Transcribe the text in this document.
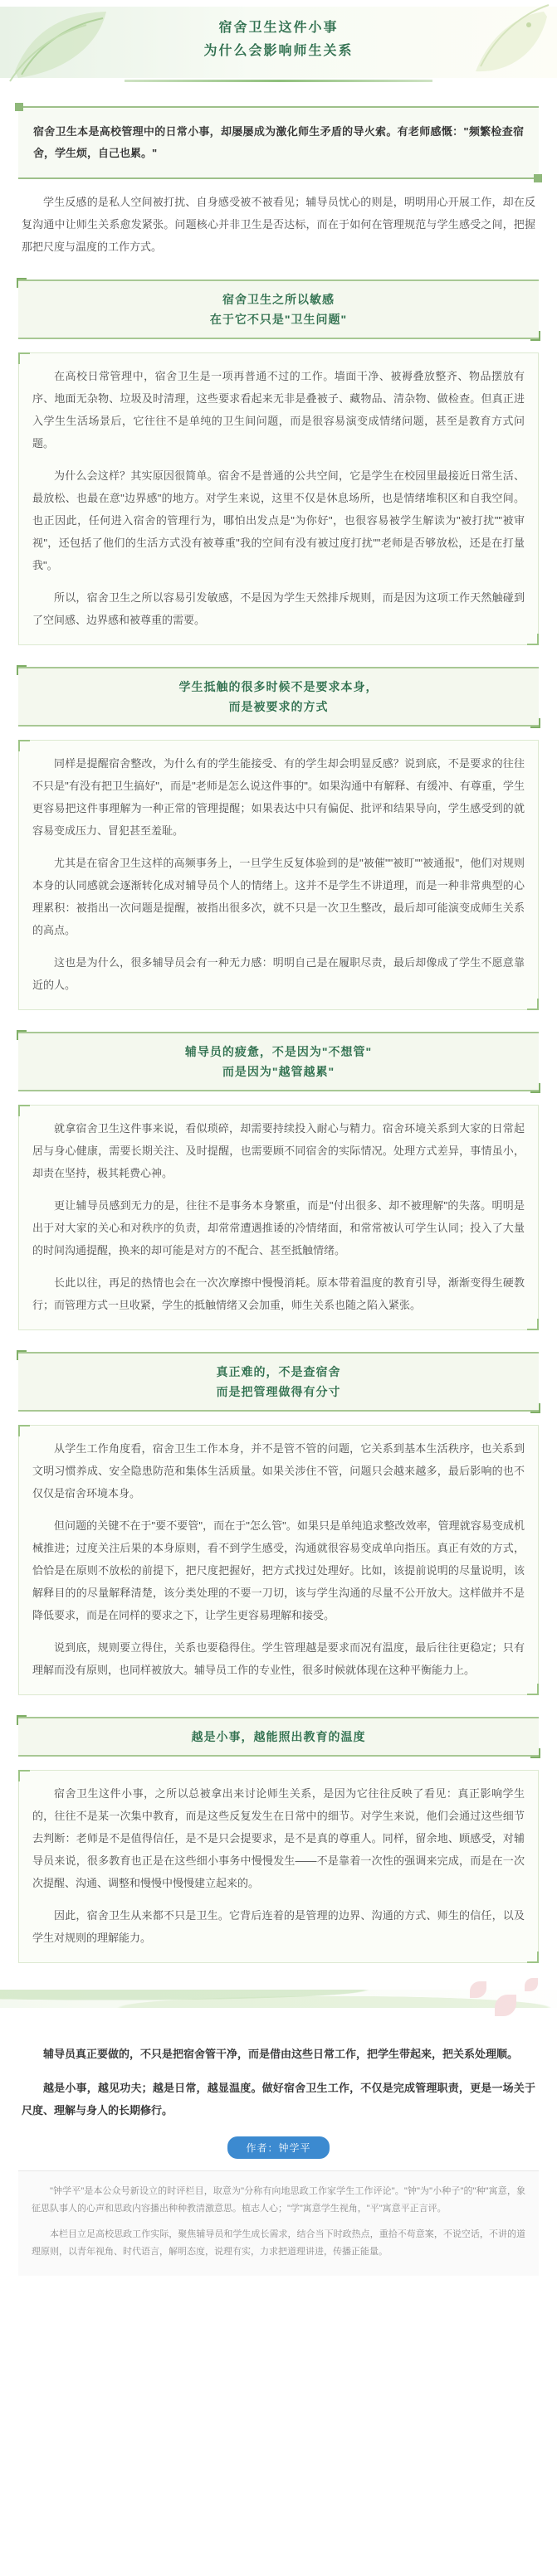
宿舍卫生这件小事
为什么会影响师生关系
宿舍卫生本是高校管理中的日常小事，却屡屡成为激化师生矛盾的导火索。有老师感慨："频繁检查宿舍，学生烦，自己也累。"
学生反感的是私人空间被打扰、自身感受被不被看见；辅导员忧心的则是，明明用心开展工作，却在反复沟通中让师生关系愈发紧张。问题核心并非卫生是否达标，而在于如何在管理规范与学生感受之间，把握那把尺度与温度的工作方式。
宿舍卫生之所以敏感
在于它不只是"卫生问题"

在高校日常管理中，宿舍卫生是一项再普通不过的工作。墙面干净、被褥叠放整齐、物品摆放有序、地面无杂物、垃圾及时清理，这些要求看起来无非是叠被子、藏物品、清杂物、做检查。但真正进入学生生活场景后，它往往不是单纯的卫生间问题，而是很容易演变成情绪问题，甚至是教育方式问题。

为什么会这样？其实原因很简单。宿舍不是普通的公共空间，它是学生在校园里最接近日常生活、最放松、也最在意"边界感"的地方。对学生来说，这里不仅是休息场所，也是情绪堆积区和自我空间。也正因此，任何进入宿舍的管理行为，哪怕出发点是"为你好"，也很容易被学生解读为"被打扰""被审视"，还包括了他们的生活方式没有被尊重"我的空间有没有被过度打扰""老师是否够放松，还是在打量我"。

所以，宿舍卫生之所以容易引发敏感，不是因为学生天然排斥规则，而是因为这项工作天然触碰到了空间感、边界感和被尊重的需要。

学生抵触的很多时候不是要求本身，
而是被要求的方式

同样是提醒宿舍整改，为什么有的学生能接受、有的学生却会明显反感？说到底，不是要求的往往不只是"有没有把卫生搞好"，而是"老师是怎么说这件事的"。如果沟通中有解释、有缓冲、有尊重，学生更容易把这件事理解为一种正常的管理提醒；如果表达中只有偏促、批评和结果导向，学生感受到的就容易变成压力、冒犯甚至羞耻。

尤其是在宿舍卫生这样的高频事务上，一旦学生反复体验到的是"被催""被盯""被通报"，他们对规则本身的认同感就会逐渐转化成对辅导员个人的情绪上。这并不是学生不讲道理，而是一种非常典型的心理累积：被指出一次问题是提醒，被指出很多次，就不只是一次卫生整改，最后却可能演变成师生关系的高点。

这也是为什么，很多辅导员会有一种无力感：明明自己是在履职尽责，最后却像成了学生不愿意靠近的人。

辅导员的疲惫，不是因为"不想管"
而是因为"越管越累"

就拿宿舍卫生这件事来说，看似琐碎，却需要持续投入耐心与精力。宿舍环境关系到大家的日常起居与身心健康，需要长期关注、及时提醒，也需要顾不同宿舍的实际情况。处理方式差异，事情虽小，却责在坚持，极其耗费心神。

更让辅导员感到无力的是，往往不是事务本身繁重，而是"付出很多、却不被理解"的失落。明明是出于对大家的关心和对秩序的负责，却常常遭遇推诿的冷情绪面，和常常被认可学生认同；投入了大量的时间沟通提醒，换来的却可能是对方的不配合、甚至抵触情绪。

长此以往，再足的热情也会在一次次摩擦中慢慢消耗。原本带着温度的教育引导，渐渐变得生硬教行；而管理方式一旦收紧，学生的抵触情绪又会加重，师生关系也随之陷入紧张。

真正难的，不是查宿舍
而是把管理做得有分寸

从学生工作角度看，宿舍卫生工作本身，并不是管不管的问题，它关系到基本生活秩序，也关系到文明习惯养成、安全隐患防范和集体生活质量。如果关涉住不管，问题只会越来越多，最后影响的也不仅仅是宿舍环境本身。

但问题的关键不在于"要不要管"，而在于"怎么管"。如果只是单纯追求整改效率，管理就容易变成机械推进；过度关注后果的本身原则，看不到学生感受，沟通就很容易变成单向指压。真正有效的方式，恰恰是在原则不放松的前提下，把尺度把握好，把方式找过处理好。比如，该提前说明的尽量说明，该解释目的的尽量解释清楚，该分类处理的不要一刀切，该与学生沟通的尽量不公开放大。这样做并不是降低要求，而是在同样的要求之下，让学生更容易理解和接受。

说到底，规则要立得住，关系也要稳得住。学生管理越是要求而况有温度，最后往往更稳定；只有理解而没有原则，也同样被放大。辅导员工作的专业性，很多时候就体现在这种平衡能力上。

越是小事，越能照出教育的温度

宿舍卫生这件小事，之所以总被拿出来讨论师生关系，是因为它往往反映了看见：真正影响学生的，往往不是某一次集中教育，而是这些反复发生在日常中的细节。对学生来说，他们会通过这些细节去判断：老师是不是值得信任，是不是只会提要求，是不是真的尊重人。同样，留余地、顾感受，对辅导员来说，很多教育也正是在这些细小事务中慢慢发生——不是靠着一次性的强调来完成，而是在一次次提醒、沟通、调整和慢慢中慢慢建立起来的。

因此，宿舍卫生从来都不只是卫生。它背后连着的是管理的边界、沟通的方式、师生的信任，以及学生对规则的理解能力。

辅导员真正要做的，不只是把宿舍管干净，而是借由这些日常工作，把学生带起来，把关系处理顺。

越是小事，越见功夫；越是日常，越显温度。做好宿舍卫生工作，不仅是完成管理职责，更是一场关于尺度、理解与身人的长期修行。

作者：钟学平

"钟学平"是本公众号新设立的时评栏目，取意为"分称有向地思政工作家学生工作评论"。"钟"为"小种子"的"种"寓意，象征思队事人的心声和思政内容播出种种教清激意思。植志人心；"学"寓意学生视角，"平"寓意平正言评。

本栏目立足高校思政工作实际，聚焦辅导员和学生成长需求，结合当下时政热点，重拾不苟意案，不说空话，不讲的道理原则，以青年视角、时代语言，解明态度，说理有实，力求把道理讲进，传播正能量。
